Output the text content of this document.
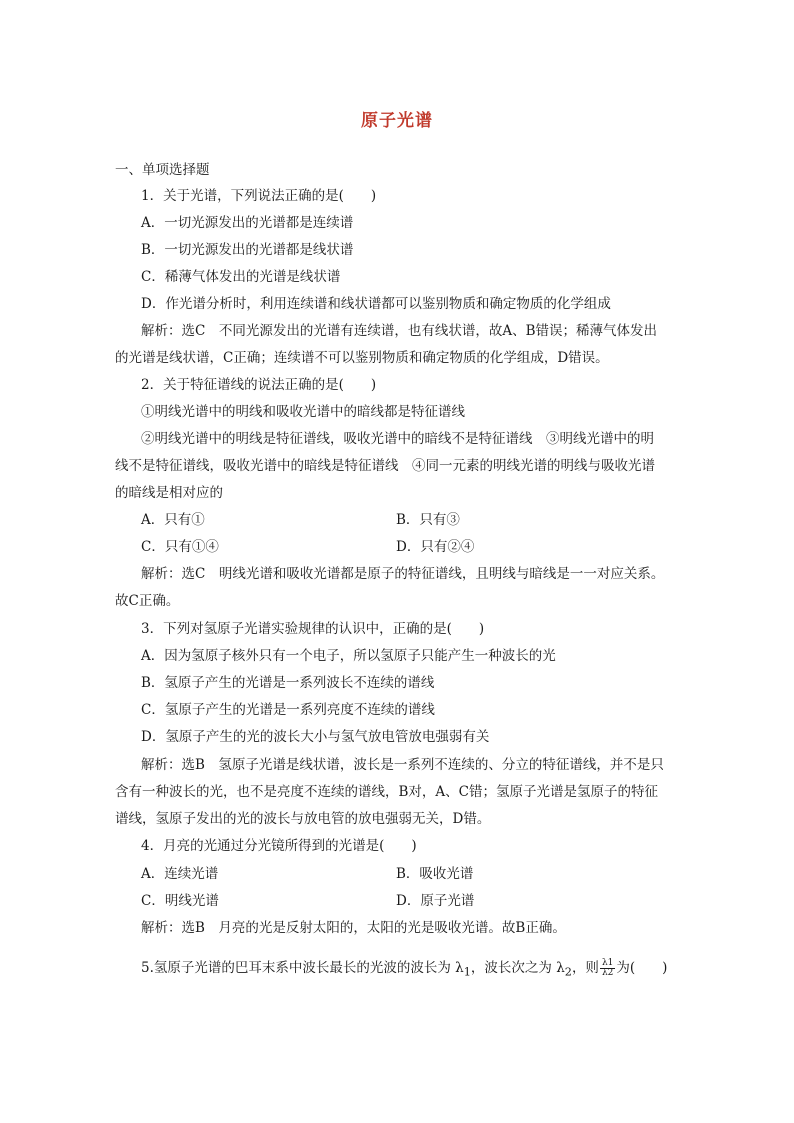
原子光谱
一、单项选择题
1．关于光谱，下列说法正确的是(　　)
A．一切光源发出的光谱都是连续谱
B．一切光源发出的光谱都是线状谱
C．稀薄气体发出的光谱是线状谱
D．作光谱分析时，利用连续谱和线状谱都可以鉴别物质和确定物质的化学组成
解析：选C　不同光源发出的光谱有连续谱，也有线状谱，故A、B错误；稀薄气体发出
的光谱是线状谱，C正确；连续谱不可以鉴别物质和确定物质的化学组成，D错误。
2．关于特征谱线的说法正确的是(　　)
①明线光谱中的明线和吸收光谱中的暗线都是特征谱线
②明线光谱中的明线是特征谱线，吸收光谱中的暗线不是特征谱线　③明线光谱中的明
线不是特征谱线，吸收光谱中的暗线是特征谱线　④同一元素的明线光谱的明线与吸收光谱
的暗线是相对应的
A．只有①	B．只有③
C．只有①④	D．只有②④
解析：选C　明线光谱和吸收光谱都是原子的特征谱线，且明线与暗线是一一对应关系。
故C正确。
3．下列对氢原子光谱实验规律的认识中，正确的是(　　)
A．因为氢原子核外只有一个电子，所以氢原子只能产生一种波长的光
B．氢原子产生的光谱是一系列波长不连续的谱线
C．氢原子产生的光谱是一系列亮度不连续的谱线
D．氢原子产生的光的波长大小与氢气放电管放电强弱有关
解析：选B　氢原子光谱是线状谱，波长是一系列不连续的、分立的特征谱线，并不是只
含有一种波长的光，也不是亮度不连续的谱线，B对，A、C错；氢原子光谱是氢原子的特征
谱线，氢原子发出的光的波长与放电管的放电强弱无关，D错。
4．月亮的光通过分光镜所得到的光谱是(　　)
A．连续光谱	B．吸收光谱
C．明线光谱	D．原子光谱
解析：选B　月亮的光是反射太阳的，太阳的光是吸收光谱。故B正确。
5.氢原子光谱的巴耳末系中波长最长的光波的波长为 $\lambda_1$，波长次之为 $\lambda_2$，则 $\frac{\lambda 1}{\lambda 2}$ 为(　　)
